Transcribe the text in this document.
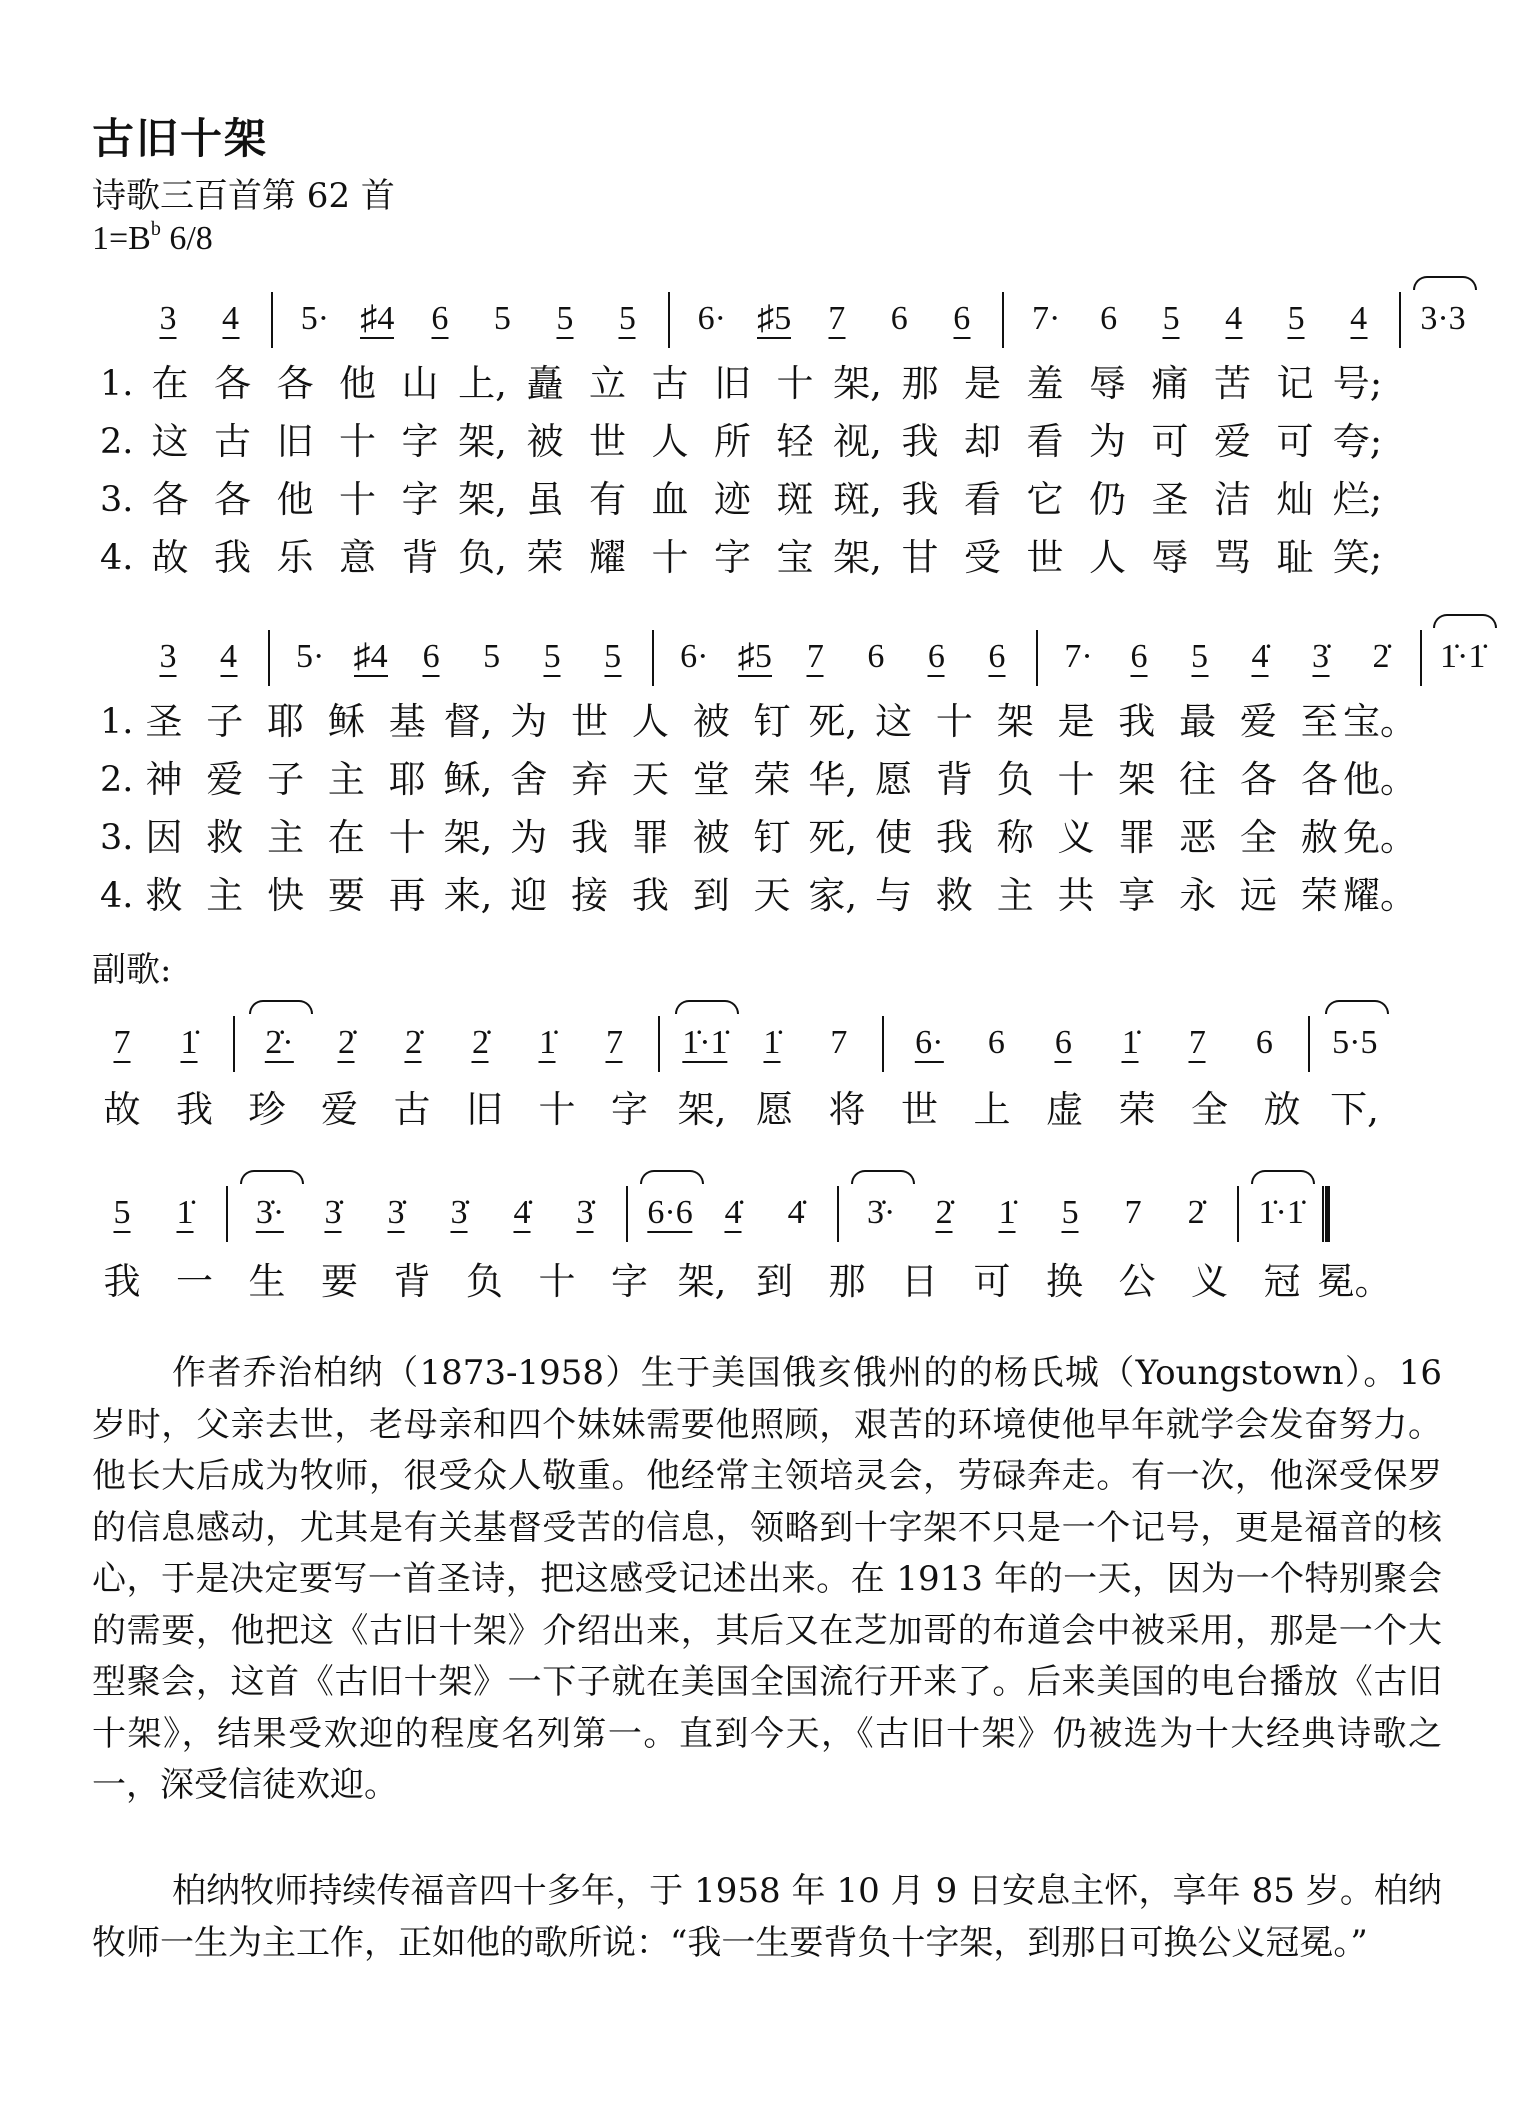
古旧十架
诗歌三百首第 62 首
$1=B^b$ 6/8
3 4 5· ♯4 6 5 5 5 6· ♯5 7 6 6 7· 6 5 4 5 4 3·3
1. 在 各 各 他 山 上, 矗 立 古 旧 十 架, 那 是 羞 辱 痛 苦 记 号;
2. 这 古 旧 十 字 架, 被 世 人 所 轻 视, 我 却 看 为 可 爱 可 夸;
3. 各 各 他 十 字 架, 虽 有 血 迹 斑 斑, 我 看 它 仍 圣 洁 灿 烂;
4. 故 我 乐 意 背 负, 荣 耀 十 字 宝 架, 甘 受 世 人 辱 骂 耻 笑;
3 4 5· ♯4 6 5 5 5 6· ♯5 7 6 6 6 7· 6 5 4̇ 3̇ 2̇ 1̇·1̇
1. 圣 子 耶 稣 基 督, 为 世 人 被 钉 死, 这 十 架 是 我 最 爱 至 宝。
2. 神 爱 子 主 耶 稣, 舍 弃 天 堂 荣 华, 愿 背 负 十 架 往 各 各 他。
3. 因 救 主 在 十 架, 为 我 罪 被 钉 死, 使 我 称 义 罪 恶 全 赦 免。
4. 救 主 快 要 再 来, 迎 接 我 到 天 家, 与 救 主 共 享 永 远 荣 耀。
副歌:
7 1̇ 2̇· 2̇ 2̇ 2̇ 1̇ 7 1̇·1̇ 1̇ 7 6· 6 6 1̇ 7 6 5·5
故 我 珍 爱 古 旧 十 字 架, 愿 将 世 上 虚 荣 全 放 下,
5 1̇ 3̇· 3̇ 3̇ 3̇ 4̇ 3̇ 6·6 4̇ 4̇ 3̇· 2̇ 1̇ 5 7 2̇ 1̇·1̇
我 一 生 要 背 负 十 字 架, 到 那 日 可 换 公 义 冠 冕。
作者乔治柏纳（1873-1958）生于美国俄亥俄州的的杨氏城（Youngstown）。16 岁时，父亲去世，老母亲和四个妹妹需要他照顾，艰苦的环境使他早年就学会发奋努力。他长大后成为牧师，很受众人敬重。他经常主领培灵会，劳碌奔走。有一次，他深受保罗的信息感动，尤其是有关基督受苦的信息，领略到十字架不只是一个记号，更是福音的核心，于是决定要写一首圣诗，把这感受记述出来。在 1913 年的一天，因为一个特别聚会的需要，他把这《古旧十架》介绍出来，其后又在芝加哥的布道会中被采用，那是一个大型聚会，这首《古旧十架》一下子就在美国全国流行开来了。后来美国的电台播放《古旧十架》，结果受欢迎的程度名列第一。直到今天，《古旧十架》仍被选为十大经典诗歌之一，深受信徒欢迎。
柏纳牧师持续传福音四十多年，于 1958 年 10 月 9 日安息主怀，享年 85 岁。柏纳牧师一生为主工作，正如他的歌所说：“我一生要背负十字架，到那日可换公义冠冕。”
